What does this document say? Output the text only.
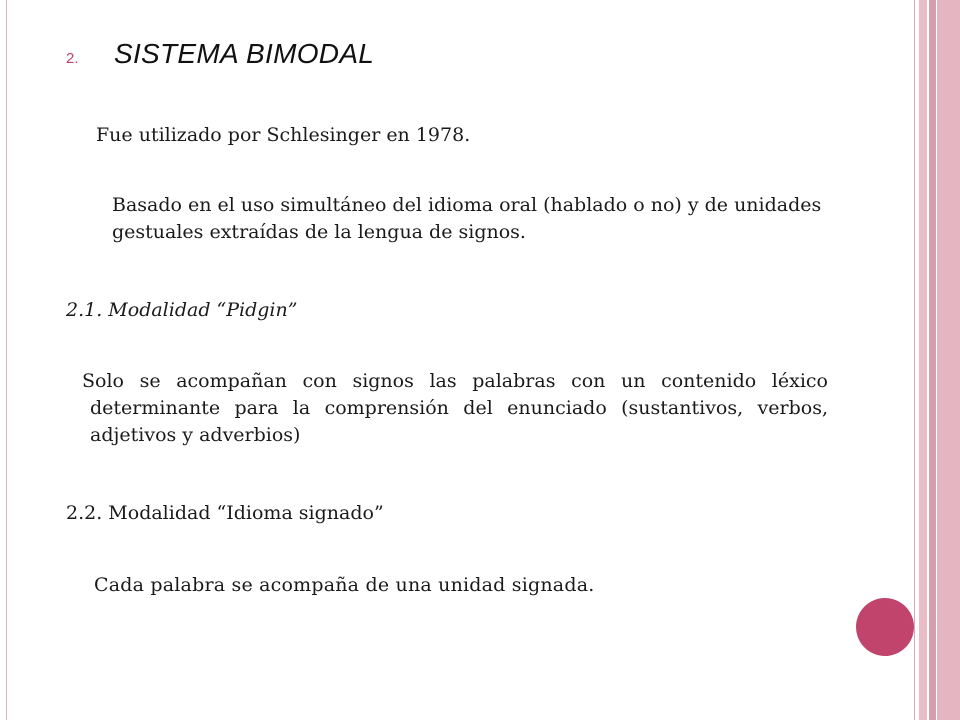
2.	SISTEMA BIMODAL
Fue utilizado por Schlesinger en 1978.
Basado en el uso simultáneo del idioma oral (hablado o no) y de unidades gestuales extraídas de la lengua de signos.
2.1. Modalidad “Pidgin”
Solo se acompañan con signos las palabras con un contenido léxico determinante para la comprensión del enunciado (sustantivos, verbos, adjetivos y adverbios)
2.2. Modalidad “Idioma signado”
Cada palabra se acompaña de una unidad signada.
